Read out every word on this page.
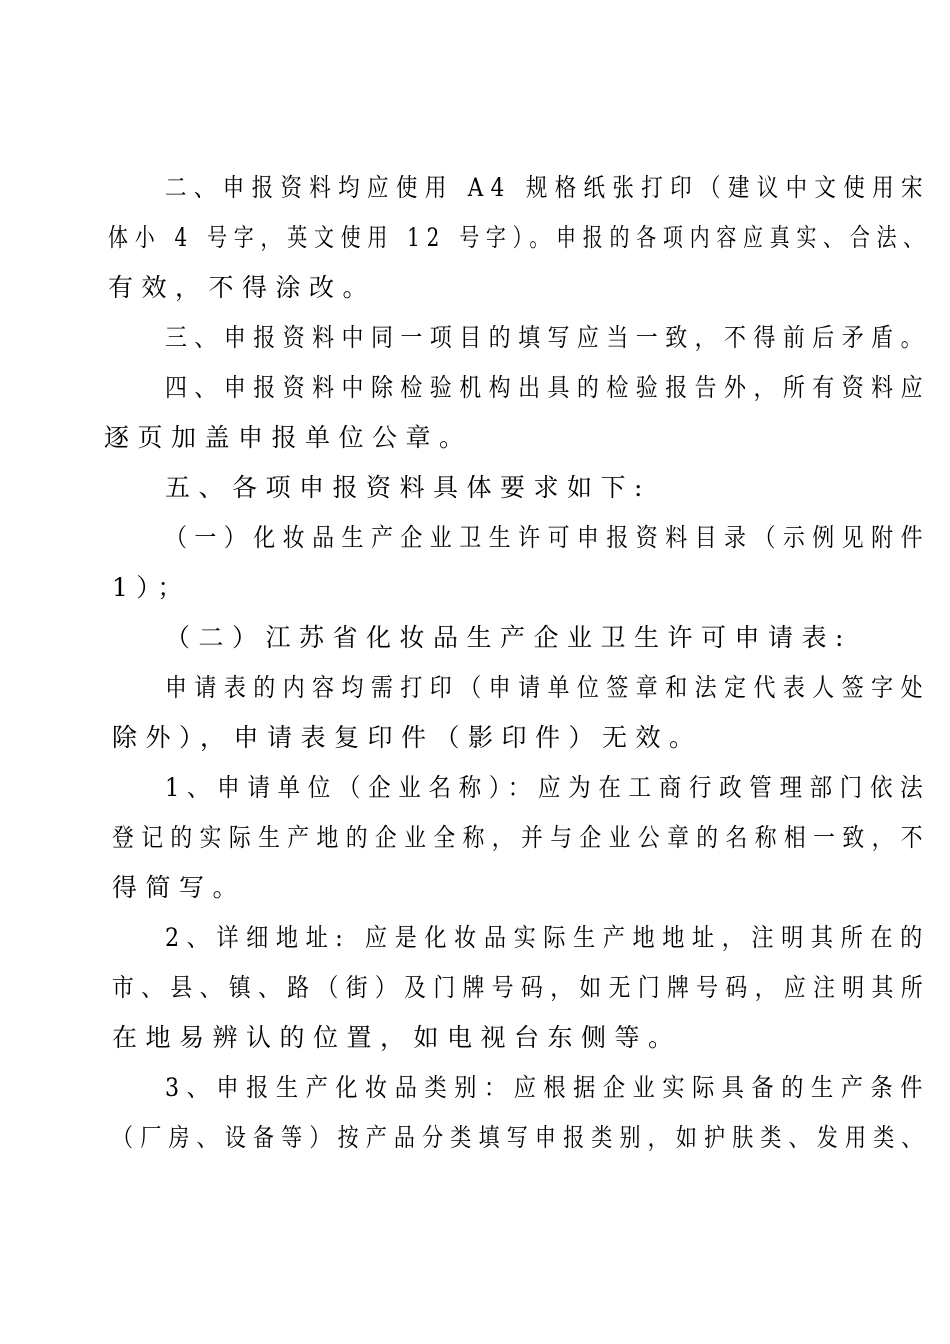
二、申报资料均应使用 A4 规格纸张打印（建议中文使用宋
体小 4 号字，英文使用 12 号字）。申报的各项内容应真实、合法、
有效，不得涂改。
三、申报资料中同一项目的填写应当一致，不得前后矛盾。
四、申报资料中除检验机构出具的检验报告外，所有资料应
逐页加盖申报单位公章。
五、各项申报资料具体要求如下:
（一）化妆品生产企业卫生许可申报资料目录（示例见附件
1）；
（二）江苏省化妆品生产企业卫生许可申请表:
申请表的内容均需打印（申请单位签章和法定代表人签字处
除外），申请表复印件（影印件）无效。
1、申请单位（企业名称）：应为在工商行政管理部门依法
登记的实际生产地的企业全称，并与企业公章的名称相一致，不
得简写。
2、详细地址: 应是化妆品实际生产地地址，注明其所在的
市、县、镇、路（街）及门牌号码，如无门牌号码，应注明其所
在地易辨认的位置，如电视台东侧等。
3、申报生产化妆品类别：应根据企业实际具备的生产条件
（厂房、设备等）按产品分类填写申报类别，如护肤类、发用类、
